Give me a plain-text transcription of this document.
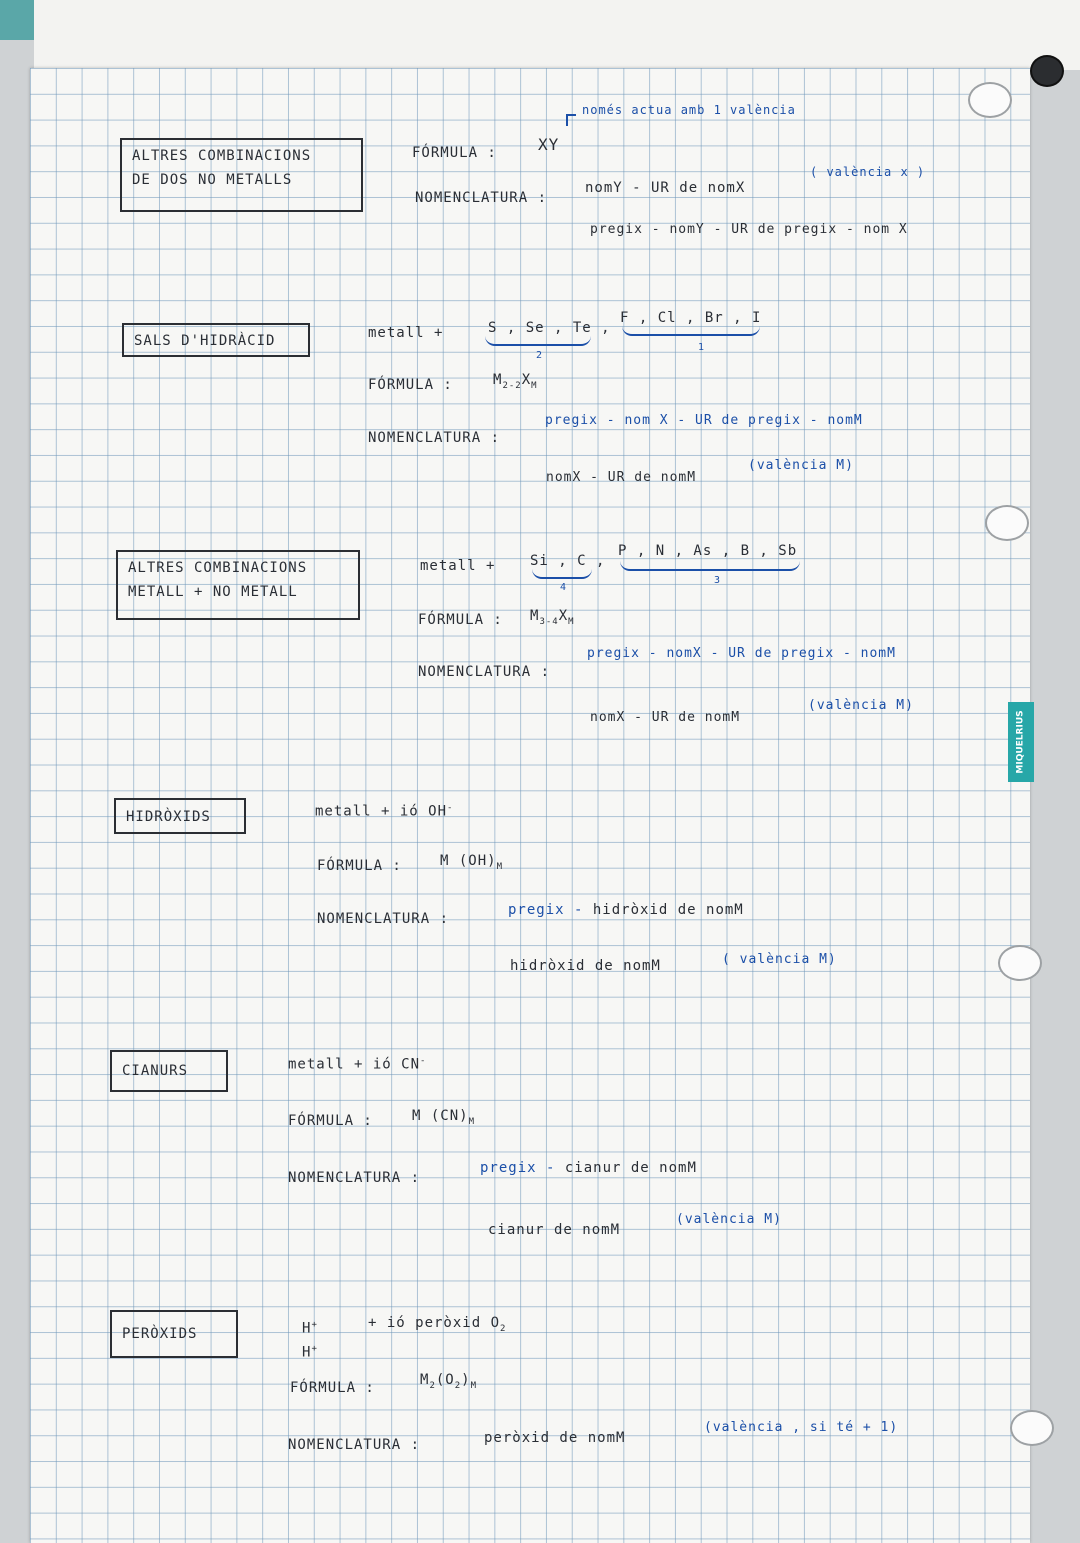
MIQUELRIUS
ALTRES COMBINACIONS
DE DOS NO METALLS
només actua amb 1 valència
FÓRMULA :	XY
NOMENCLATURA :
nomY - UR de nomX
( valència x )
pregix - nomY - UR de pregix - nom X
SALS D'HIDRÀCID	metall +	S , Se , Te ,
2
F , Cl , Br , I
1
FÓRMULA :	$M_{2-2}X_M$
NOMENCLATURA :
pregix - nom X - UR de pregix - nomM
nomX - UR de nomM
(valència M)
ALTRES COMBINACIONS
METALL + NO METALL
metall + Si , C ,
4
P , N , As , B , Sb
3
FÓRMULA : $M_{3-4}X_M$
NOMENCLATURA :
pregix - nomX - UR de pregix - nomM
nomX - UR de nomM
(valència M)
HIDRÒXIDS	metall + ió OH-
FÓRMULA :	M $(OH)_M$
NOMENCLATURA :
pregix - hidròxid de nomM
hidròxid de nomM	( valència M)
CIANURS	metall + ió CN-
FÓRMULA :	M $(CN)_M$
NOMENCLATURA :
pregix - cianur de nomM
cianur de nomM
(valència M)
PERÒXIDS	H+
H+
+ ió peròxid $O_2$
FÓRMULA :	$M_2(O_2)_M$
NOMENCLATURA :	peròxid de nomM
(valència , si té + 1)
